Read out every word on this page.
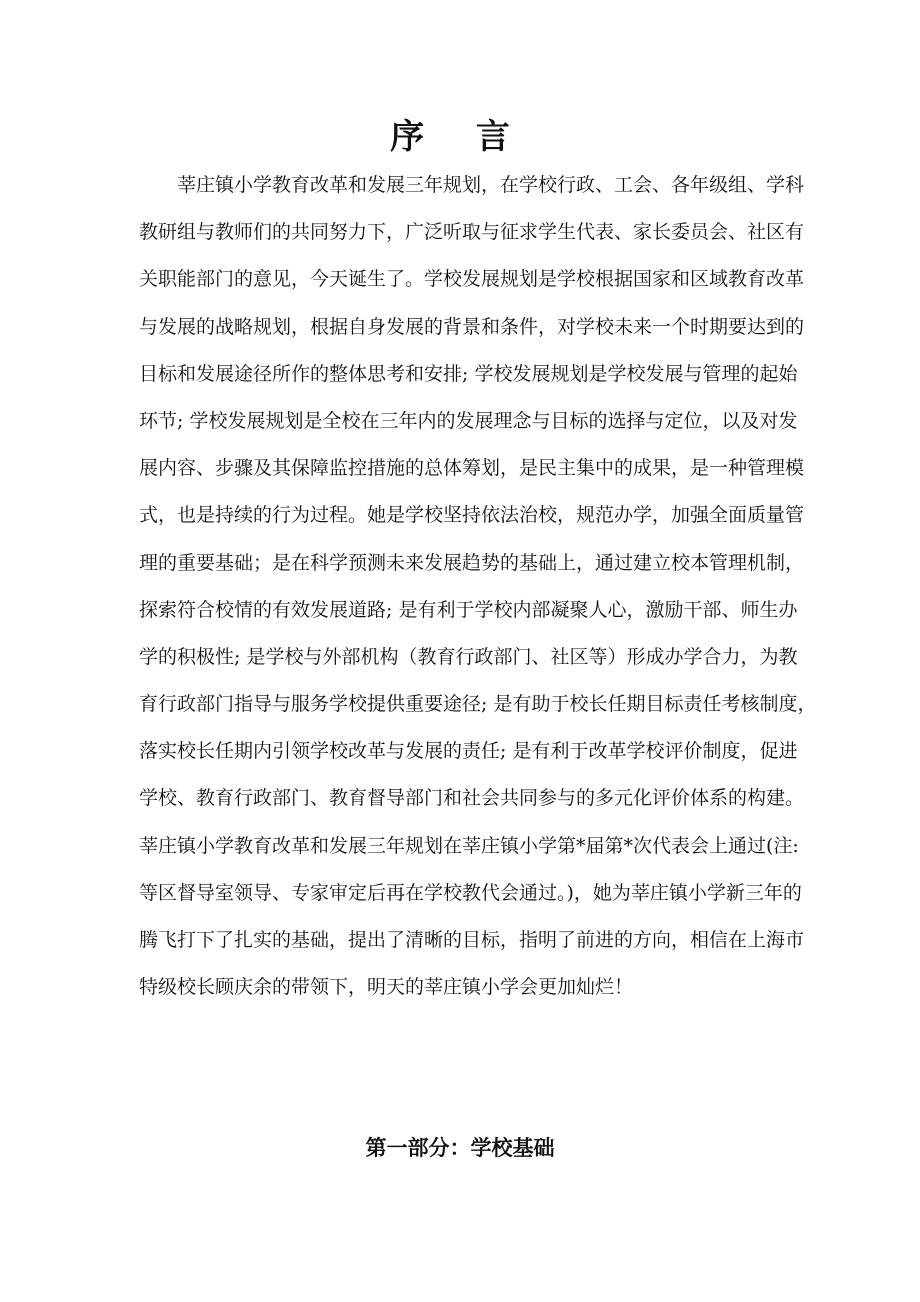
序 言
莘庄镇小学教育改革和发展三年规划，在学校行政、工会、各年级组、学科
教研组与教师们的共同努力下，广泛听取与征求学生代表、家长委员会、社区有
关职能部门的意见，今天诞生了。学校发展规划是学校根据国家和区域教育改革
与发展的战略规划，根据自身发展的背景和条件，对学校未来一个时期要达到的
目标和发展途径所作的整体思考和安排; 学校发展规划是学校发展与管理的起始
环节; 学校发展规划是全校在三年内的发展理念与目标的选择与定位，以及对发
展内容、步骤及其保障监控措施的总体筹划，是民主集中的成果，是一种管理模
式，也是持续的行为过程。她是学校坚持依法治校，规范办学，加强全面质量管
理的重要基础；是在科学预测未来发展趋势的基础上，通过建立校本管理机制，
探索符合校情的有效发展道路; 是有利于学校内部凝聚人心，激励干部、师生办
学的积极性; 是学校与外部机构（教育行政部门、社区等）形成办学合力，为教
育行政部门指导与服务学校提供重要途径; 是有助于校长任期目标责任考核制度，
落实校长任期内引领学校改革与发展的责任; 是有利于改革学校评价制度，促进
学校、教育行政部门、教育督导部门和社会共同参与的多元化评价体系的构建。
莘庄镇小学教育改革和发展三年规划在莘庄镇小学第*届第*次代表会上通过(注:
等区督导室领导、专家审定后再在学校教代会通过。)，她为莘庄镇小学新三年的
腾飞打下了扎实的基础，提出了清晰的目标，指明了前进的方向，相信在上海市
特级校长顾庆余的带领下，明天的莘庄镇小学会更加灿烂！
第一部分：学校基础
